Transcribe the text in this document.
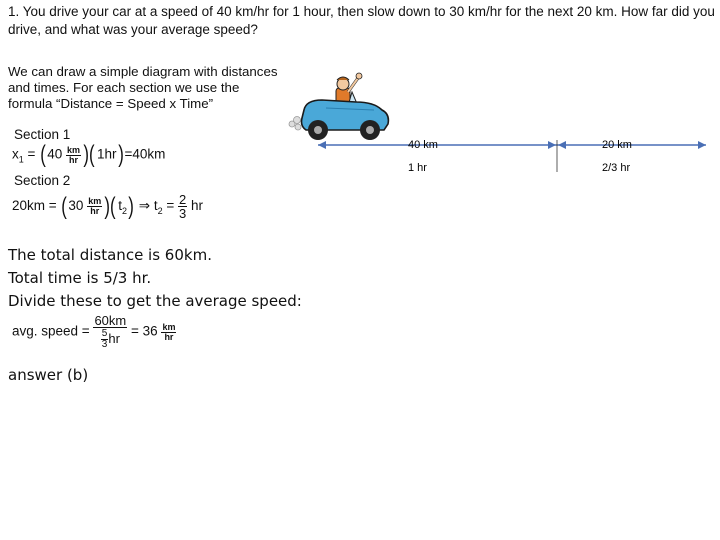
1. You drive your car at a speed of 40 km/hr for 1 hour, then slow down to 30 km/hr for the next 20 km. How far did you drive, and what was your average speed?
We can draw a simple diagram with distances and times. For each section we use the formula “Distance = Speed x Time”
Section 1
$x_1 = (40 \frac{km}{hr}$ )( 1hr)=40km
Section 2
$20km = (30 \frac{km}{hr}$ )( $t_2$) ⇒ $t_2 = \frac{2}{3}$ hr
The total distance is 60km.
Total time is 5/3 hr.
Divide these to get the average speed:
avg. speed = $\frac{60km}{\frac{5}{3} hr} = 36 \frac{km}{hr}$
answer (b)
40 km	20 km
1 hr	2/3 hr
